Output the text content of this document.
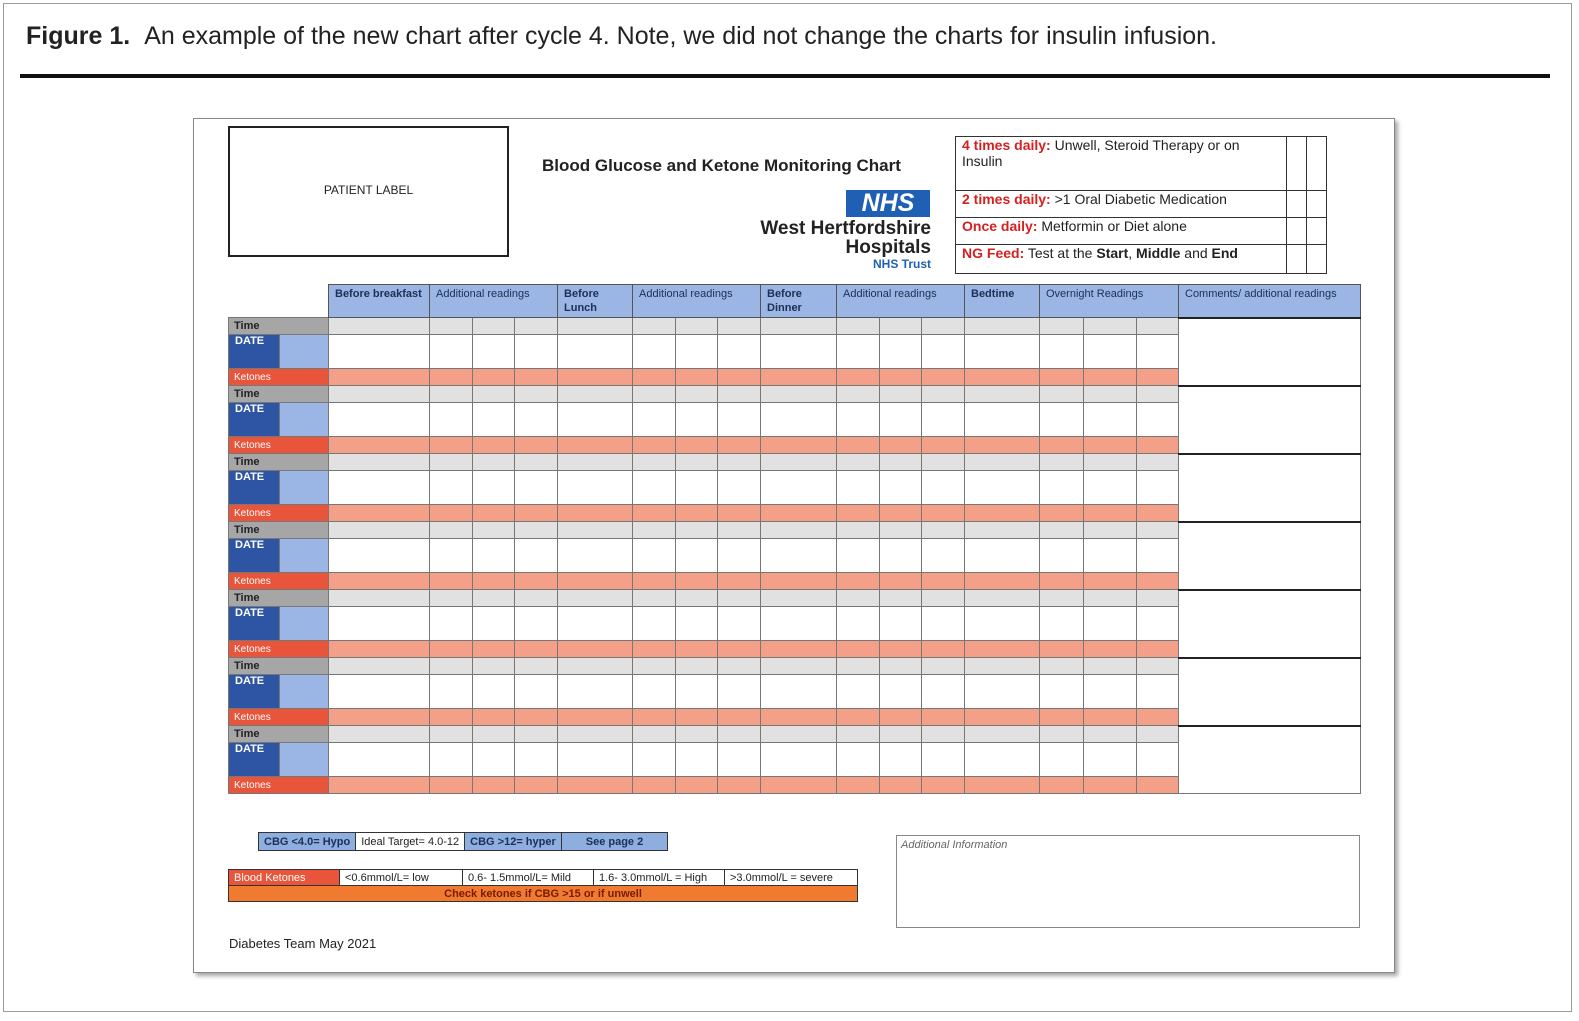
Figure 1. An example of the new chart after cycle 4. Note, we did not change the charts for insulin infusion.
PATIENT LABEL
Blood Glucose and Ketone Monitoring Chart
NHS
West Hertfordshire
Hospitals
NHS Trust
4 times daily: Unwell, Steroid Therapy or on Insulin		
2 times daily: >1 Oral Diabetic Medication		
Once daily: Metformin or Diet alone		
NG Feed: Test at the Start, Middle and End		
		Before breakfast	Additional readings			Before Lunch	Additional readings			Before Dinner	Additional readings			Bedtime	Overnight Readings			Comments/ additional readings
Time																		
DATE																		
Ketones																		
Time																		
DATE																		
Ketones																		
Time																		
DATE																		
Ketones																		
Time																		
DATE																		
Ketones																		
Time																		
DATE																		
Ketones																		
Time																		
DATE																		
Ketones																		
Time																		
DATE																		
Ketones																		
CBG <4.0= Hypo	Ideal Target= 4.0-12	CBG >12= hyper	See page 2
Blood Ketones	<0.6mmol/L= low	0.6- 1.5mmol/L= Mild	1.6- 3.0mmol/L = High	>3.0mmol/L = severe
Check ketones if CBG >15 or if unwell
Additional Information
Diabetes Team May 2021
